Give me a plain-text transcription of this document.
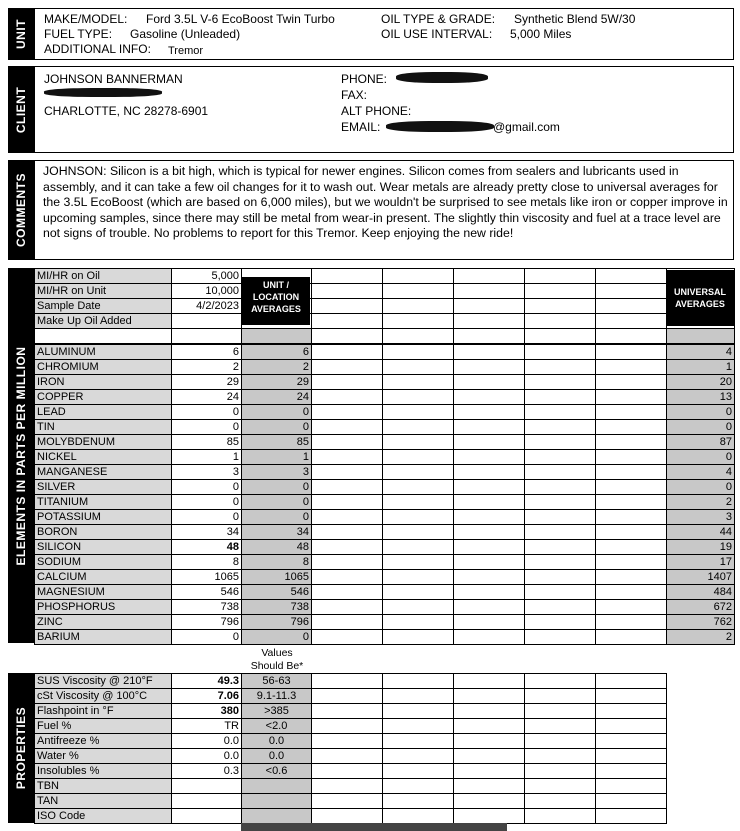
UNIT MAKE/MODEL: Ford 3.5L V-6 EcoBoost Twin Turbo
FUEL TYPE: Gasoline (Unleaded)
ADDITIONAL INFO: Tremor
OIL TYPE & GRADE: Synthetic Blend 5W/30
OIL USE INTERVAL: 5,000 Miles
CLIENT
JOHNSON BANNERMAN
CHARLOTTE, NC 28278-6901
PHONE:
FAX:
ALT PHONE:
EMAIL:	@gmail.com
COMMENTS
JOHNSON: Silicon is a bit high, which is typical for newer engines. Silicon comes from sealers and lubricants used in assembly, and it can take a few oil changes for it to wash out. Wear metals are already pretty close to universal averages for the 3.5L EcoBoost (which are based on 6,000 miles), but we wouldn't be surprised to see metals like iron or copper improve in upcoming samples, since there may still be metal from wear-in present. The slightly thin viscosity and fuel at a trace level are not signs of trouble. No problems to report for this Tremor. Keep enjoying the new ride!
ELEMENTS IN PARTS PER MILLION
MI/HR on Oil	5,000							
MI/HR on Unit	10,000							
Sample Date	4/2/2023							
Make Up Oil Added								

UNIT /
LOCATION
AVERAGES
UNIVERSAL
AVERAGES
ALUMINUM	6	6						4
CHROMIUM	2	2						1
IRON	29	29						20
COPPER	24	24						13
LEAD	0	0						0
TIN	0	0						0
MOLYBDENUM	85	85						87
NICKEL	1	1						0
MANGANESE	3	3						4
SILVER	0	0						0
TITANIUM	0	0						2
POTASSIUM	0	0						3
BORON	34	34						44
SILICON	48	48						19
SODIUM	8	8						17
CALCIUM	1065	1065						1407
MAGNESIUM	546	546						484
PHOSPHORUS	738	738						672
ZINC	796	796						762
BARIUM	0	0						2
Values
Should Be*
PROPERTIES
SUS Viscosity @ 210°F	49.3	56-63					
cSt Viscosity @ 100°C	7.06	9.1-11.3					
Flashpoint in °F	380	>385					
Fuel %	TR	<2.0					
Antifreeze %	0.0	0.0					
Water %	0.0	0.0					
Insolubles %	0.3	<0.6					
TBN							
TAN							
ISO Code							
